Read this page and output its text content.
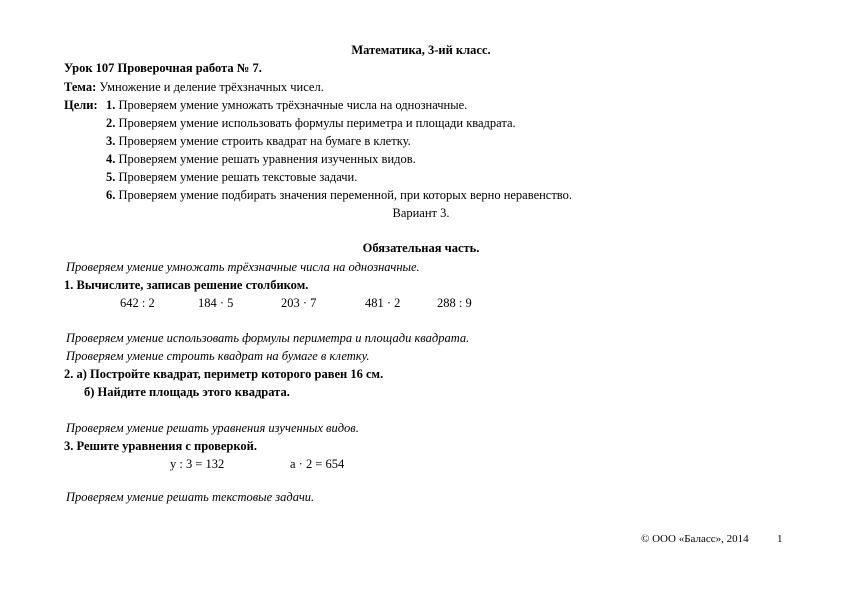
Математика, 3-ий класс.
Урок 107 Проверочная работа № 7.
Тема: Умножение и деление трёхзначных чисел.
Цели: 1. Проверяем умение умножать трёхзначные числа на однозначные.
2. Проверяем умение использовать формулы периметра и площади квадрата.
3. Проверяем умение строить квадрат на бумаге в клетку.
4. Проверяем умение решать уравнения изученных видов.
5. Проверяем умение решать текстовые задачи.
6. Проверяем умение подбирать значения переменной, при которых верно неравенство.
Вариант 3.
Обязательная часть.
Проверяем умение умножать трёхзначные числа на однозначные.
1. Вычислите, записав решение столбиком.
642 : 2	184 · 5	203 · 7	481 · 2	288 : 9
Проверяем умение использовать формулы периметра и площади квадрата.
Проверяем умение строить квадрат на бумаге в клетку.
2. а) Постройте квадрат, периметр которого равен 16 см.
б) Найдите площадь этого квадрата.
Проверяем умение решать уравнения изученных видов.
3. Решите уравнения с проверкой.
у : 3 = 132	а · 2 = 654
Проверяем умение решать текстовые задачи.
© ООО «Баласс», 2014	1
